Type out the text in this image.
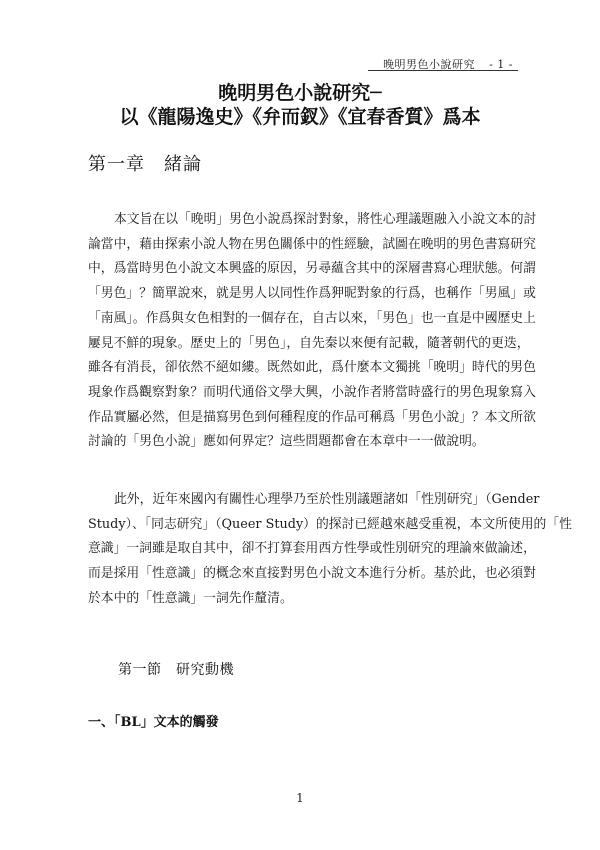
晚明男色小說研究 - 1 -
晚明男色小說研究─
以《龍陽逸史》《弁而釵》《宜春香質》爲本
第一章　緒論
本文旨在以「晚明」男色小說爲探討對象，將性心理議題融入小說文本的討
論當中，藉由探索小說人物在男色關係中的性經驗，試圖在晚明的男色書寫研究
中，爲當時男色小說文本興盛的原因，另尋蘊含其中的深層書寫心理狀態。何謂
「男色」？簡單說來，就是男人以同性作爲狎昵對象的行爲，也稱作「男風」或
「南風」。作爲與女色相對的一個存在，自古以來，「男色」也一直是中國歷史上
屢見不鮮的現象。歷史上的「男色」，自先秦以來便有記載，隨著朝代的更迭，
雖各有消長，卻依然不絕如縷。既然如此，爲什麼本文獨挑「晚明」時代的男色
現象作爲觀察對象？而明代通俗文學大興，小說作者將當時盛行的男色現象寫入
作品實屬必然，但是描寫男色到何種程度的作品可稱爲「男色小說」？本文所欲
討論的「男色小說」應如何界定？這些問題都會在本章中一一做說明。
此外，近年來國內有關性心理學乃至於性別議題諸如「性別研究」（Gender
Study）、「同志研究」（Queer Study）的探討已經越來越受重視，本文所使用的「性
意識」一詞雖是取自其中，卻不打算套用西方性學或性別研究的理論來做論述，
而是採用「性意識」的概念來直接對男色小說文本進行分析。基於此，也必須對
於本中的「性意識」一詞先作釐清。
第一節　研究動機
一、「BL」文本的觸發
1
